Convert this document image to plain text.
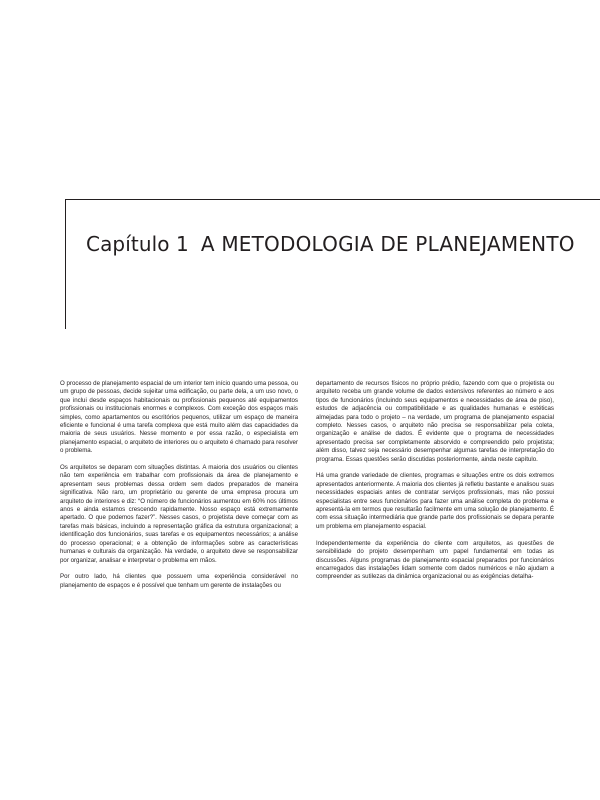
Capítulo 1 A METODOLOGIA DE PLANEJAMENTO

O processo de planejamento espacial de um interior tem início quando uma pessoa, ou um grupo de pessoas, decide sujeitar uma edificação, ou parte dela, a um uso novo, o que inclui desde espaços habitacionais ou profissionais pequenos até equipamentos profissionais ou institucionais enormes e complexos. Com exceção dos espaços mais simples, como apartamentos ou escritórios pequenos, utilizar um espaço de maneira eficiente e funcional é uma tarefa complexa que está muito além das capacidades da maioria de seus usuários. Nesse momento e por essa razão, o especialista em planejamento espacial, o arquiteto de interiores ou o arquiteto é chamado para resolver o problema.

Os arquitetos se deparam com situações distintas. A maioria dos usuários ou clientes não tem experiência em trabalhar com profissionais da área de planejamento e apresentam seus problemas dessa ordem sem dados preparados de maneira significativa. Não raro, um proprietário ou gerente de uma empresa procura um arquiteto de interiores e diz: “O número de funcionários aumentou em 60% nos últimos anos e ainda estamos crescendo rapidamente. Nosso espaço está extremamente apertado. O que podemos fazer?”. Nesses casos, o projetista deve começar com as tarefas mais básicas, incluindo a representação gráfica da estrutura organizacional; a identificação dos funcionários, suas tarefas e os equipamentos necessários; a análise do processo operacional; e a obtenção de informações sobre as características humanas e culturais da organização. Na verdade, o arquiteto deve se responsabilizar por organizar, analisar e interpretar o problema em mãos.

Por outro lado, há clientes que possuem uma experiência considerável no planejamento de espaços e é possível que tenham um gerente de instalações ou

departamento de recursos físicos no próprio prédio, fazendo com que o projetista ou arquiteto receba um grande volume de dados extensivos referentes ao número e aos tipos de funcionários (incluindo seus equipamentos e necessidades de área de piso), estudos de adjacência ou compatibilidade e as qualidades humanas e estéticas almejadas para todo o projeto – na verdade, um programa de planejamento espacial completo. Nesses casos, o arquiteto não precisa se responsabilizar pela coleta, organização e análise de dados. É evidente que o programa de necessidades apresentado precisa ser completamente absorvido e compreendido pelo projetista; além disso, talvez seja necessário desempenhar algumas tarefas de interpretação do programa. Essas questões serão discutidas posteriormente, ainda neste capítulo.

Há uma grande variedade de clientes, programas e situações entre os dois extremos apresentados anteriormente. A maioria dos clientes já refletiu bastante e analisou suas necessidades espaciais antes de contratar serviços profissionais, mas não possui especialistas entre seus funcionários para fazer uma análise completa do problema e apresentá-la em termos que resultarão facilmente em uma solução de planejamento. É com essa situação intermediária que grande parte dos profissionais se depara perante um problema em planejamento espacial.

Independentemente da experiência do cliente com arquitetos, as questões de sensibilidade do projeto desempenham um papel fundamental em todas as discussões. Alguns programas de planejamento espacial preparados por funcionários encarregados das instalações lidam somente com dados numéricos e não ajudam a compreender as sutilezas da dinâmica organizacional ou as exigências detalha-
